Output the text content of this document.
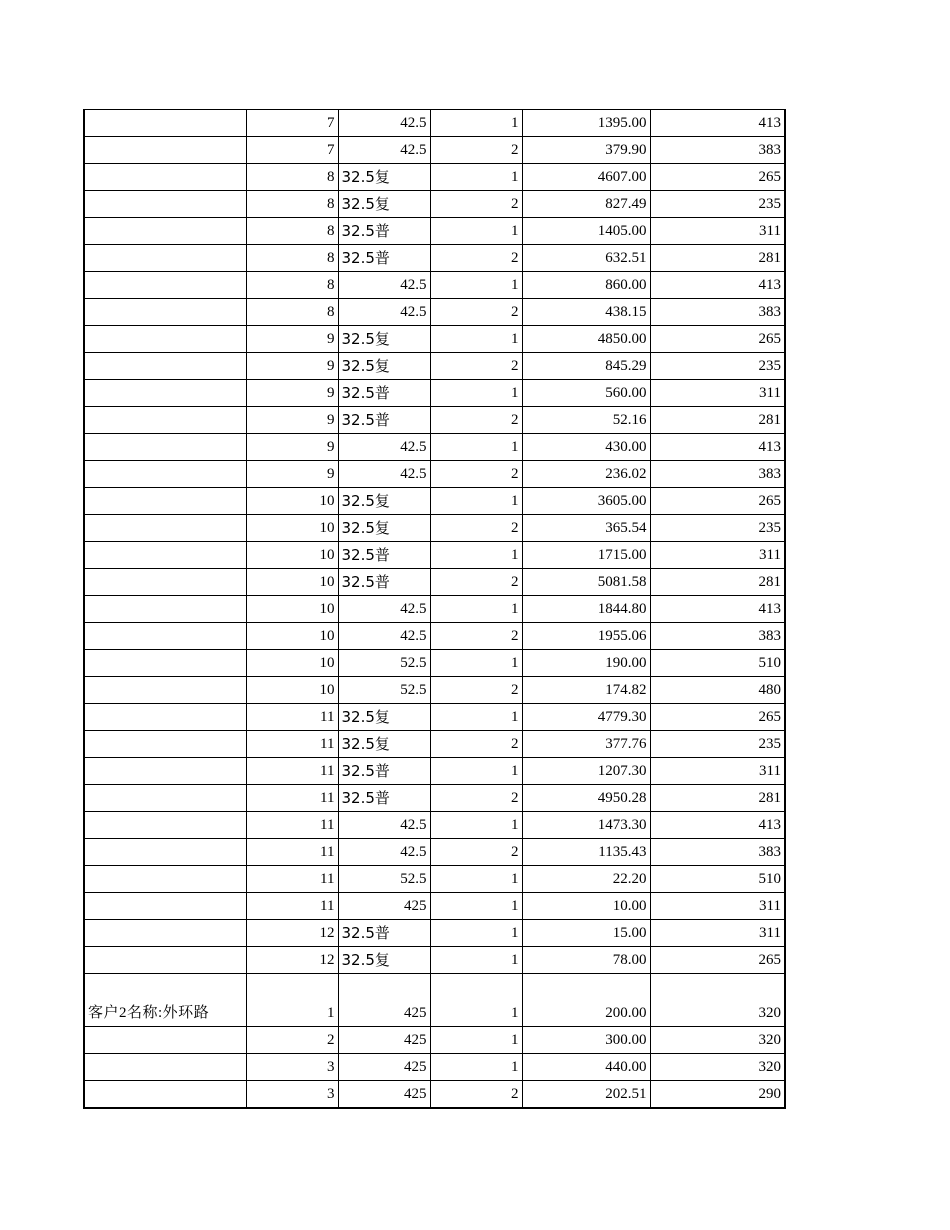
	7	42.5	1	1395.00	413
	7	42.5	2	379.90	383
	8	32.5复	1	4607.00	265
	8	32.5复	2	827.49	235
	8	32.5普	1	1405.00	311
	8	32.5普	2	632.51	281
	8	42.5	1	860.00	413
	8	42.5	2	438.15	383
	9	32.5复	1	4850.00	265
	9	32.5复	2	845.29	235
	9	32.5普	1	560.00	311
	9	32.5普	2	52.16	281
	9	42.5	1	430.00	413
	9	42.5	2	236.02	383
	10	32.5复	1	3605.00	265
	10	32.5复	2	365.54	235
	10	32.5普	1	1715.00	311
	10	32.5普	2	5081.58	281
	10	42.5	1	1844.80	413
	10	42.5	2	1955.06	383
	10	52.5	1	190.00	510
	10	52.5	2	174.82	480
	11	32.5复	1	4779.30	265
	11	32.5复	2	377.76	235
	11	32.5普	1	1207.30	311
	11	32.5普	2	4950.28	281
	11	42.5	1	1473.30	413
	11	42.5	2	1135.43	383
	11	52.5	1	22.20	510
	11	425	1	10.00	311
	12	32.5普	1	15.00	311
	12	32.5复	1	78.00	265
客户2名称:外环路	1	425	1	200.00	320
	2	425	1	300.00	320
	3	425	1	440.00	320
	3	425	2	202.51	290
